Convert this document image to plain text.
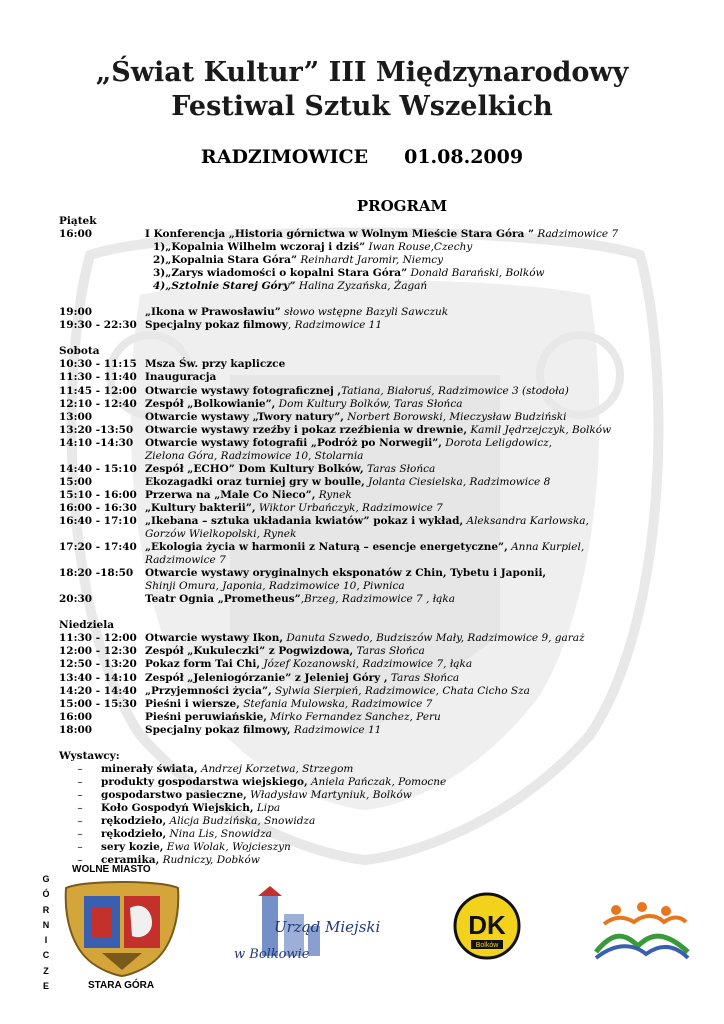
„Świat Kultur” III Międzynarodowy
Festiwal Sztuk Wszelkich
RADZIMOWICE 01.08.2009
PROGRAM
Piątek
16:00	I Konferencja „Historia górnictwa w Wolnym Mieście Stara Góra ” Radzimowice 7
1)„Kopalnia Wilhelm wczoraj i dziś” Iwan Rouse,Czechy
2)„Kopalnia Stara Góra” Reinhardt Jaromir, Niemcy
3)„Zarys wiadomości o kopalni Stara Góra” Donald Barański, Bolków
4)„Sztolnie Starej Góry” Halina Zyzańska, Żagań
19:00	„Ikona w Prawosławiu” słowo wstępne Bazyli Sawczuk
19:30 - 22:30 Specjalny pokaz filmowy, Radzimowice 11
Sobota
10:30 - 11:15 Msza Św. przy kapliczce
11:30 - 11:40 Inauguracja
11:45 - 12:00 Otwarcie wystawy fotograficznej ,Tatiana, Białoruś, Radzimowice 3 (stodoła)
12:10 - 12:40 Zespół „Bolkowianie”, Dom Kultury Bolków, Taras Słońca
13:00	Otwarcie wystawy „Twory natury”, Norbert Borowski, Mieczysław Budziński
13:20 -13:50	Otwarcie wystawy rzeźby i pokaz rzeźbienia w drewnie, Kamil Jędrzejczyk, Bolków
14:10 -14:30	Otwarcie wystawy fotografii „Podróż po Norwegii”, Dorota Leligdowicz,
Zielona Góra, Radzimowice 10, Stolarnia
14:40 - 15:10 Zespół „ECHO” Dom Kultury Bolków, Taras Słońca
15:00	Ekozagadki oraz turniej gry w boulle, Jolanta Ciesielska, Radzimowice 8
15:10 - 16:00 Przerwa na „Male Co Nieco”, Rynek
16:00 - 16:30 „Kultury bakterii”, Wiktor Urbańczyk, Radzimowice 7
16:40 - 17:10 „Ikebana – sztuka układania kwiatów” pokaz i wykład, Aleksandra Karlowska,
Gorzów Wielkopolski, Rynek
17:20 - 17:40 „Ekologia życia w harmonii z Naturą – esencje energetyczne”, Anna Kurpiel,
Radzimowice 7
18:20 -18:50	Otwarcie wystawy oryginalnych eksponatów z Chin, Tybetu i Japonii,
Shinji Omura, Japonia, Radzimowice 10, Piwnica
20:30	Teatr Ognia „Prometheus”,Brzeg, Radzimowice 7 , łąka
Niedziela
11:30 - 12:00 Otwarcie wystawy Ikon, Danuta Szwedo, Budziszów Mały, Radzimowice 9, garaż
12:00 - 12:30 Zespół „Kukuleczki” z Pogwizdowa, Taras Słońca
12:50 - 13:20 Pokaz form Tai Chi, Józef Kozanowski, Radzimowice 7, łąka
13:40 - 14:10 Zespół „Jeleniogórzanie” z Jeleniej Góry , Taras Słońca
14:20 - 14:40 „Przyjemności życia”, Sylwia Sierpień, Radzimowice, Chata Cicho Sza
15:00 - 15:30 Pieśni i wiersze, Stefania Mulowska, Radzimowice 7
16:00	Pieśni peruwiańskie, Mirko Fernandez Sanchez, Peru
18:00	Specjalny pokaz filmowy, Radzimowice 11
Wystawcy:
–	minerały świata, Andrzej Korzetwa, Strzegom
–	produkty gospodarstwa wiejskiego, Aniela Pańczak, Pomocne
–	gospodarstwo pasieczne, Władysław Martyniuk, Bolków
–	Koło Gospodyń Wiejskich, Lipa
–	rękodzieło, Alicja Budzińska, Snowidza
–	rękodzieło, Nina Lis, Snowidza
–	sery kozie, Ewa Wolak, Wojcieszyn
–	ceramika, Rudniczy, Dobków
G
Ó
R
N
I
C
Z
E
WOLNE MIASTO
STARA GÓRA
Urząd Miejski
w Bolkowie
DK
Bolków
